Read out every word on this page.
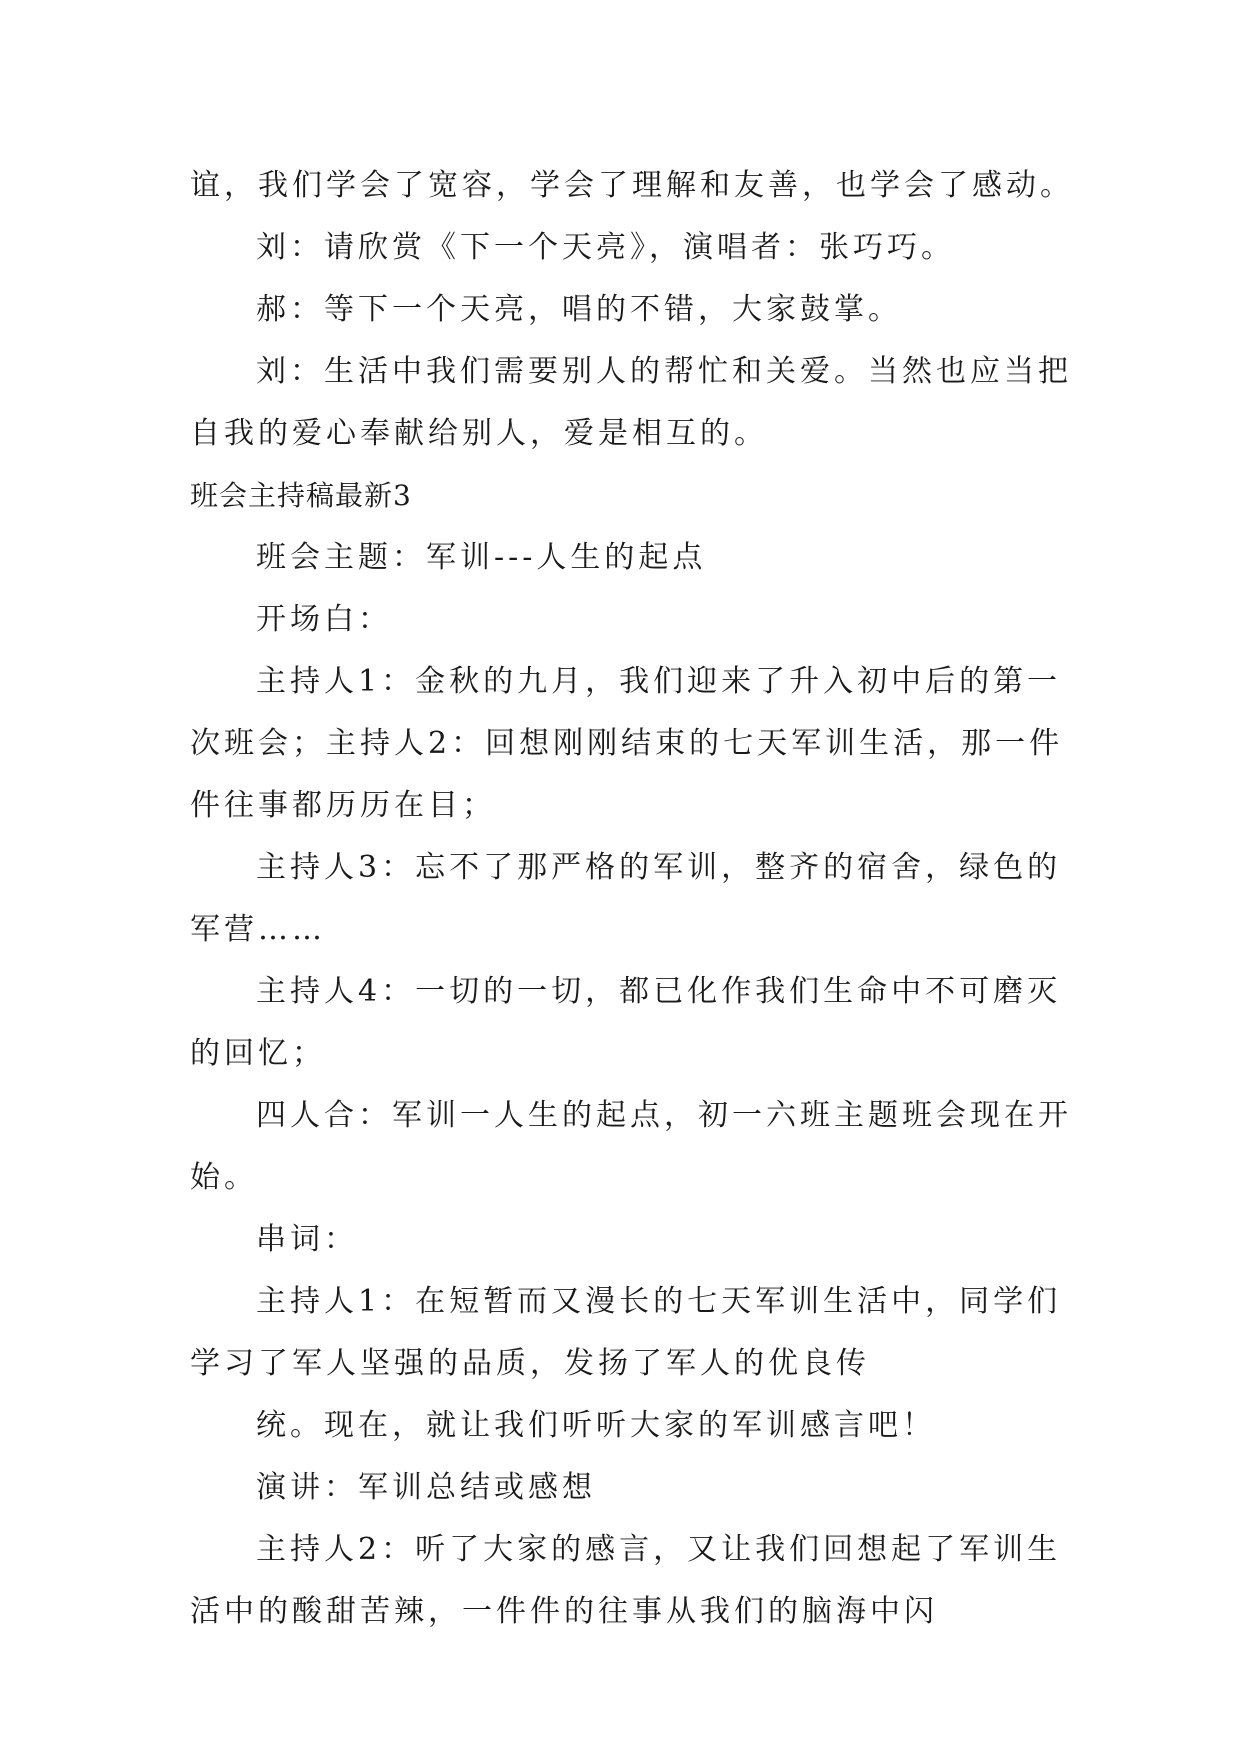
谊，我们学会了宽容，学会了理解和友善，也学会了感动。

刘：请欣赏《下一个天亮》，演唱者：张巧巧。

郝：等下一个天亮，唱的不错，大家鼓掌。

刘：生活中我们需要别人的帮忙和关爱。当然也应当把

自我的爱心奉献给别人，爱是相互的。

班会主持稿最新3

班会主题：军训---人生的起点

开场白：

主持人1：金秋的九月，我们迎来了升入初中后的第一

次班会；主持人2：回想刚刚结束的七天军训生活，那一件

件往事都历历在目；

主持人3：忘不了那严格的军训，整齐的宿舍，绿色的

军营……

主持人4：一切的一切，都已化作我们生命中不可磨灭

的回忆；

四人合：军训一人生的起点，初一六班主题班会现在开

始。

串词：

主持人1：在短暂而又漫长的七天军训生活中，同学们

学习了军人坚强的品质，发扬了军人的优良传

统。现在，就让我们听听大家的军训感言吧！

演讲：军训总结或感想

主持人2：听了大家的感言，又让我们回想起了军训生

活中的酸甜苦辣，一件件的往事从我们的脑海中闪
